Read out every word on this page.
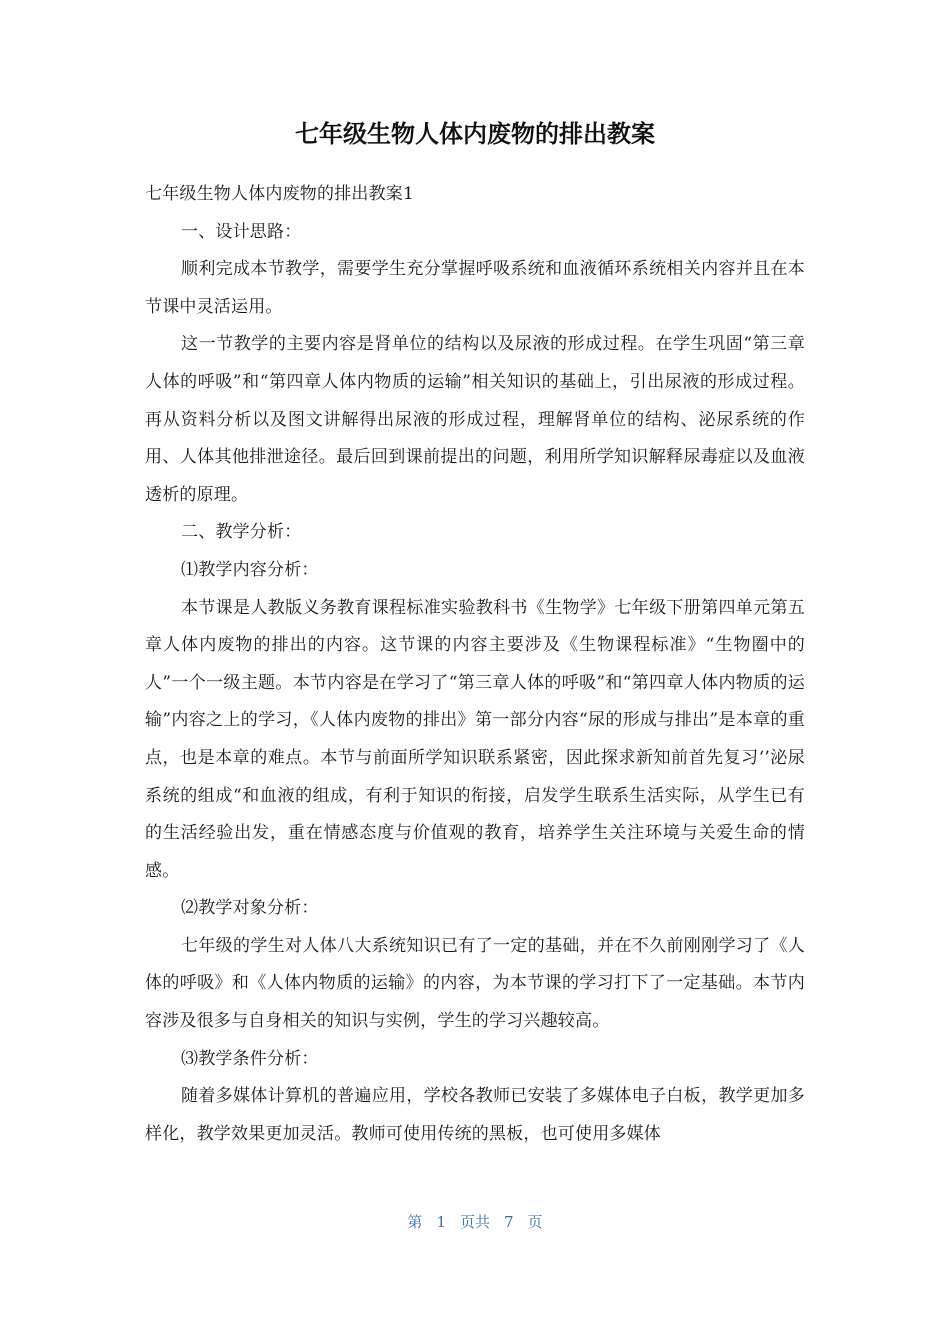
七年级生物人体内废物的排出教案

七年级生物人体内废物的排出教案1

一、设计思路：

顺利完成本节教学，需要学生充分掌握呼吸系统和血液循环系统相关内容并且在本节课中灵活运用。

这一节教学的主要内容是肾单位的结构以及尿液的形成过程。在学生巩固“第三章人体的呼吸”和“第四章人体内物质的运输”相关知识的基础上，引出尿液的形成过程。再从资料分析以及图文讲解得出尿液的形成过程，理解肾单位的结构、泌尿系统的作用、人体其他排泄途径。最后回到课前提出的问题，利用所学知识解释尿毒症以及血液透析的原理。

二、教学分析：

⑴教学内容分析：

本节课是人教版义务教育课程标准实验教科书《生物学》七年级下册第四单元第五章人体内废物的排出的内容。这节课的内容主要涉及《生物课程标准》“生物圈中的人”一个一级主题。本节内容是在学习了“第三章人体的呼吸”和“第四章人体内物质的运输”内容之上的学习，《人体内废物的排出》第一部分内容“尿的形成与排出”是本章的重点，也是本章的难点。本节与前面所学知识联系紧密，因此探求新知前首先复习‘’泌尿系统的组成“和血液的组成，有利于知识的衔接，启发学生联系生活实际，从学生已有的生活经验出发，重在情感态度与价值观的教育，培养学生关注环境与关爱生命的情感。

⑵教学对象分析：

七年级的学生对人体八大系统知识已有了一定的基础，并在不久前刚刚学习了《人体的呼吸》和《人体内物质的运输》的内容，为本节课的学习打下了一定基础。本节内容涉及很多与自身相关的知识与实例，学生的学习兴趣较高。

⑶教学条件分析：

随着多媒体计算机的普遍应用，学校各教师已安装了多媒体电子白板，教学更加多样化，教学效果更加灵活。教师可使用传统的黑板，也可使用多媒体

第 1 页共 7 页
